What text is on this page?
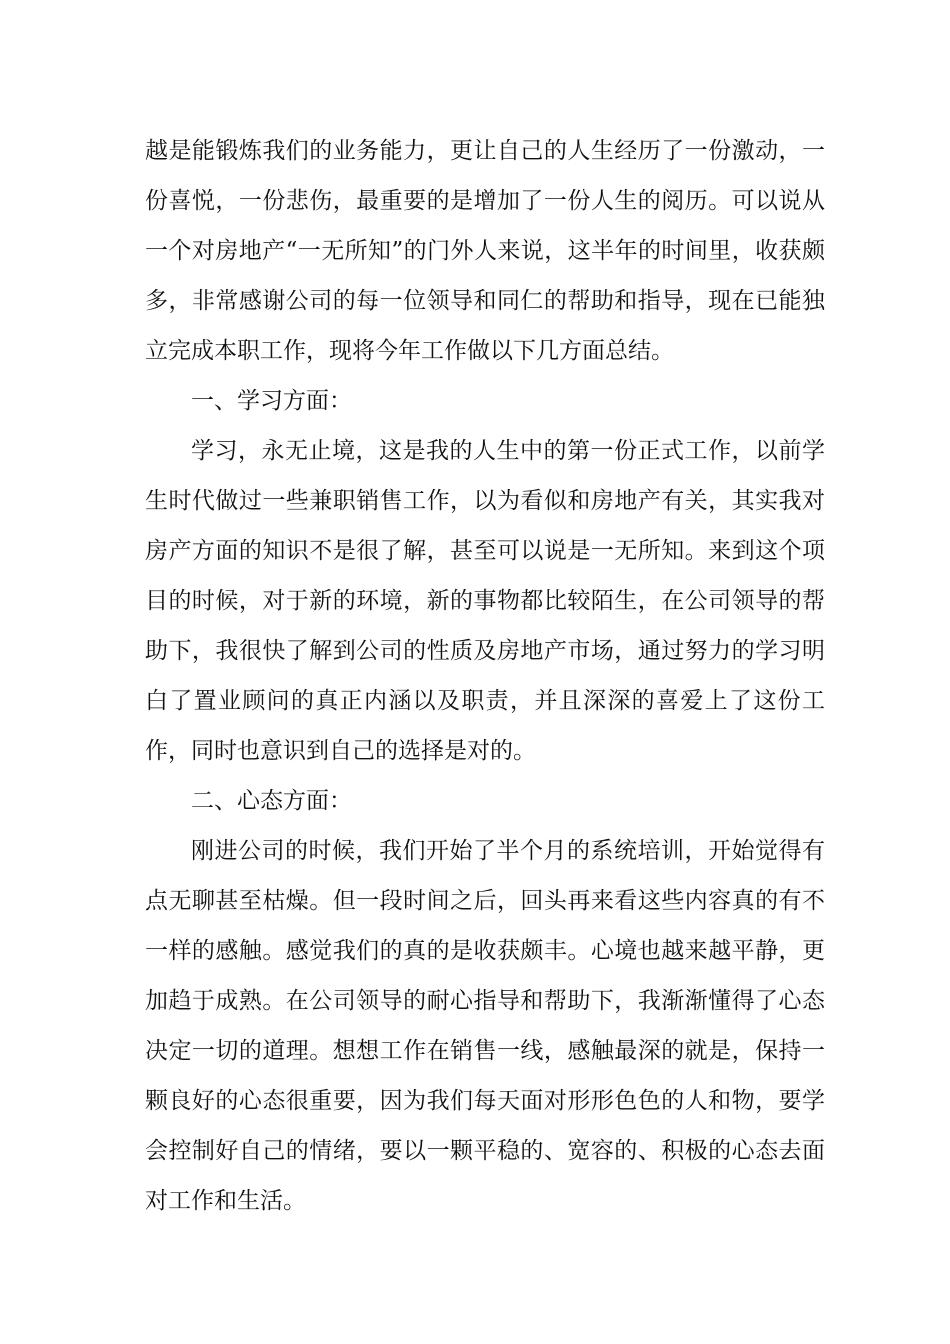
越是能锻炼我们的业务能力，更让自己的人生经历了一份激动，一份喜悦，一份悲伤，最重要的是增加了一份人生的阅历。可以说从一个对房地产“一无所知”的门外人来说，这半年的时间里，收获颇多，非常感谢公司的每一位领导和同仁的帮助和指导，现在已能独立完成本职工作，现将今年工作做以下几方面总结。

一、学习方面：

学习，永无止境，这是我的人生中的第一份正式工作，以前学生时代做过一些兼职销售工作，以为看似和房地产有关，其实我对房产方面的知识不是很了解，甚至可以说是一无所知。来到这个项目的时候，对于新的环境，新的事物都比较陌生，在公司领导的帮助下，我很快了解到公司的性质及房地产市场，通过努力的学习明白了置业顾问的真正内涵以及职责，并且深深的喜爱上了这份工作，同时也意识到自己的选择是对的。

二、心态方面：

刚进公司的时候，我们开始了半个月的系统培训，开始觉得有点无聊甚至枯燥。但一段时间之后，回头再来看这些内容真的有不一样的感触。感觉我们的真的是收获颇丰。心境也越来越平静，更加趋于成熟。在公司领导的耐心指导和帮助下，我渐渐懂得了心态决定一切的道理。想想工作在销售一线，感触最深的就是，保持一颗良好的心态很重要，因为我们每天面对形形色色的人和物，要学会控制好自己的情绪，要以一颗平稳的、宽容的、积极的心态去面对工作和生活。
